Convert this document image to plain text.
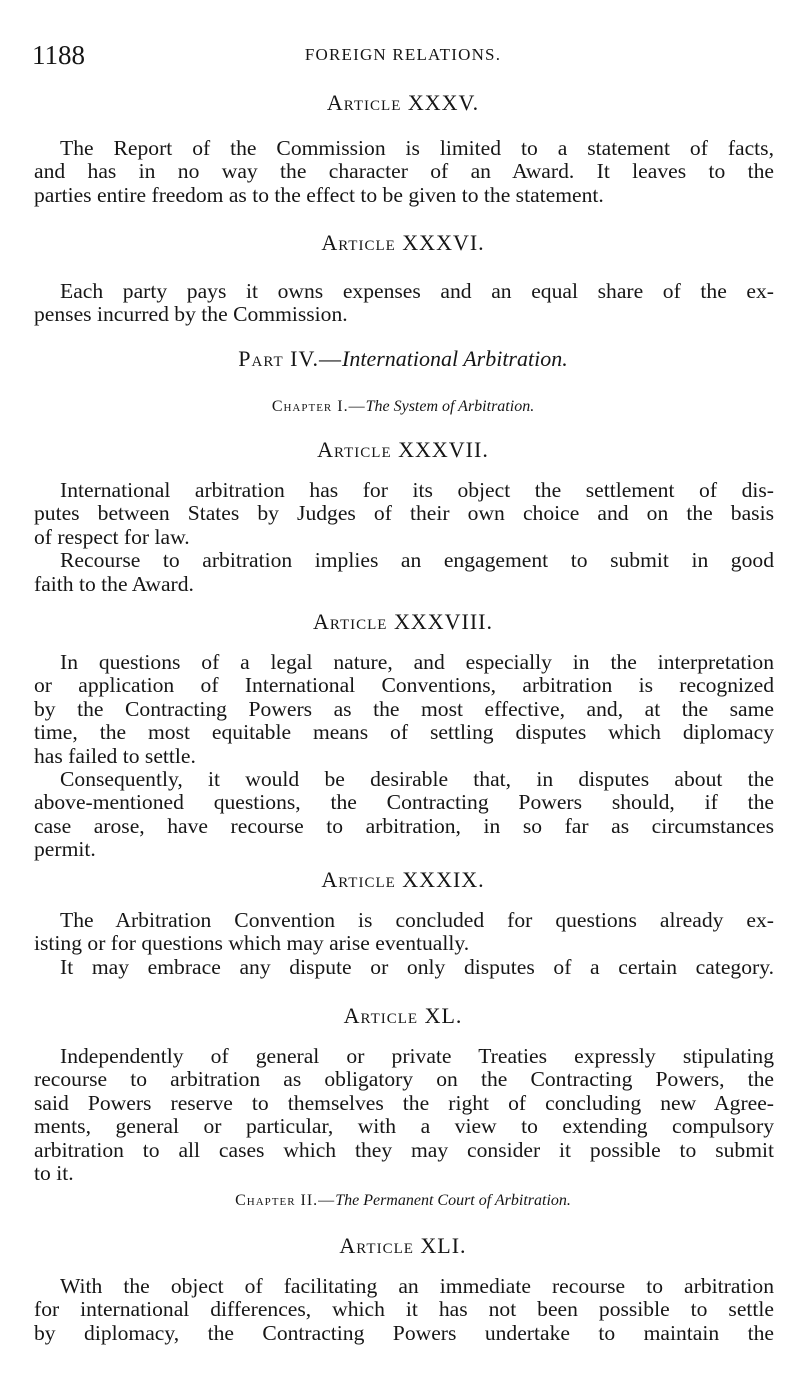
1188	FOREIGN RELATIONS.
Article XXXV.
The Report of the Commission is limited to a statement of facts,
and has in no way the character of an Award. It leaves to the
parties entire freedom as to the effect to be given to the statement.
Article XXXVI.
Each party pays it owns expenses and an equal share of the ex-
penses incurred by the Commission.
Part IV.—International Arbitration.
Chapter I.—The System of Arbitration.
Article XXXVII.
International arbitration has for its object the settlement of dis-
putes between States by Judges of their own choice and on the basis
of respect for law.
Recourse to arbitration implies an engagement to submit in good
faith to the Award.
Article XXXVIII.
In questions of a legal nature, and especially in the interpretation
or application of International Conventions, arbitration is recognized
by the Contracting Powers as the most effective, and, at the same
time, the most equitable means of settling disputes which diplomacy
has failed to settle.
Consequently, it would be desirable that, in disputes about the
above-mentioned questions, the Contracting Powers should, if the
case arose, have recourse to arbitration, in so far as circumstances
permit.
Article XXXIX.
The Arbitration Convention is concluded for questions already ex-
isting or for questions which may arise eventually.
It may embrace any dispute or only disputes of a certain category.
Article XL.
Independently of general or private Treaties expressly stipulating
recourse to arbitration as obligatory on the Contracting Powers, the
said Powers reserve to themselves the right of concluding new Agree-
ments, general or particular, with a view to extending compulsory
arbitration to all cases which they may consider it possible to submit
to it.
Chapter II.—The Permanent Court of Arbitration.
Article XLI.
With the object of facilitating an immediate recourse to arbitration
for international differences, which it has not been possible to settle
by diplomacy, the Contracting Powers undertake to maintain the
